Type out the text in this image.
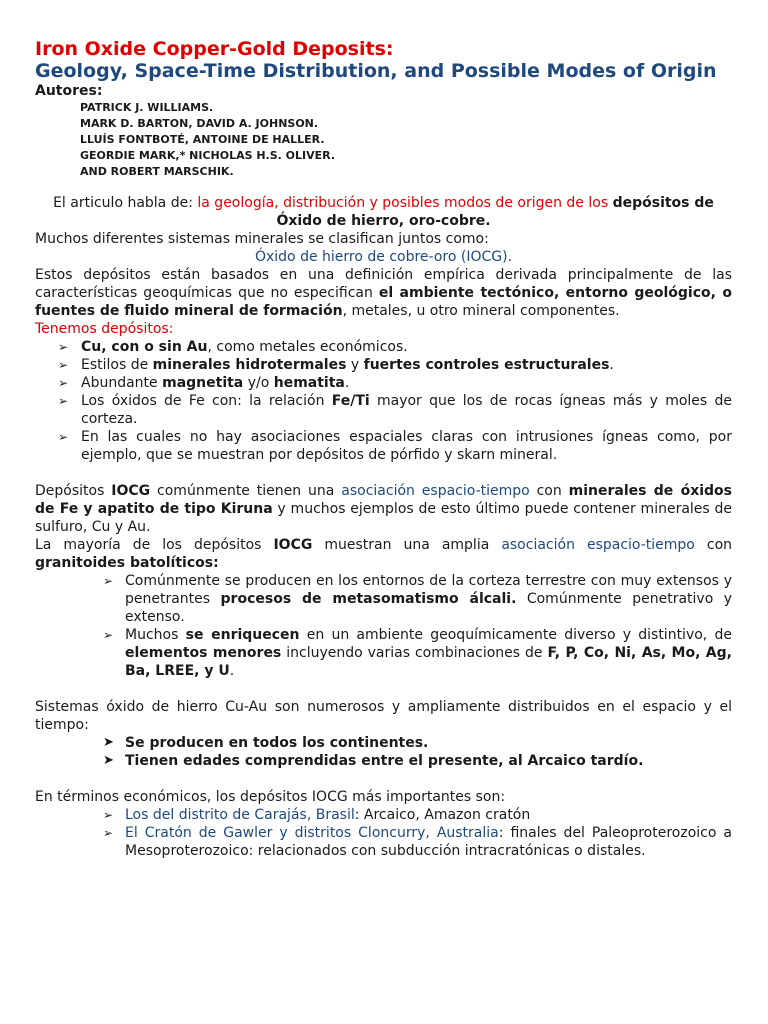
Iron Oxide Copper-Gold Deposits:
Geology, Space-Time Distribution, and Possible Modes of Origin
Autores:
PATRICK J. WILLIAMS.
MARK D. BARTON, DAVID A. JOHNSON.
LLUÍS FONTBOTÉ, ANTOINE DE HALLER.
GEORDIE MARK,* NICHOLAS H.S. OLIVER.
AND ROBERT MARSCHIK.
El articulo habla de: la geología, distribución y posibles modos de origen de los depósitos de Óxido de hierro, oro-cobre.
Muchos diferentes sistemas minerales se clasifican juntos como:
Óxido de hierro de cobre-oro (IOCG).
Estos depósitos están basados en una definición empírica derivada principalmente de las características geoquímicas que no especifican el ambiente tectónico, entorno geológico, o fuentes de fluido mineral de formación, metales, u otro mineral componentes.
Tenemos depósitos:
➢ Cu, con o sin Au, como metales económicos.
➢ Estilos de minerales hidrotermales y fuertes controles estructurales.
➢ Abundante magnetita y/o hematita.
➢ Los óxidos de Fe con: la relación Fe/Ti mayor que los de rocas ígneas más y moles de corteza.
➢ En las cuales no hay asociaciones espaciales claras con intrusiones ígneas como, por ejemplo, que se muestran por depósitos de pórfido y skarn mineral.
Depósitos IOCG comúnmente tienen una asociación espacio-tiempo con minerales de óxidos de Fe y apatito de tipo Kiruna y muchos ejemplos de esto último puede contener minerales de sulfuro, Cu y Au.
La mayoría de los depósitos IOCG muestran una amplia asociación espacio-tiempo con granitoides batolíticos:
➢ Comúnmente se producen en los entornos de la corteza terrestre con muy extensos y penetrantes procesos de metasomatismo álcali. Comúnmente penetrativo y extenso.
➢ Muchos se enriquecen en un ambiente geoquímicamente diverso y distintivo, de elementos menores incluyendo varias combinaciones de F, P, Co, Ni, As, Mo, Ag, Ba, LREE, y U.
Sistemas óxido de hierro Cu-Au son numerosos y ampliamente distribuidos en el espacio y el tiempo:
➤ Se producen en todos los continentes.
➤ Tienen edades comprendidas entre el presente, al Arcaico tardío.
En términos económicos, los depósitos IOCG más importantes son:
➢ Los del distrito de Carajás, Brasil: Arcaico, Amazon cratón
➢ El Cratón de Gawler y distritos Cloncurry, Australia: finales del Paleoproterozoico a Mesoproterozoico: relacionados con subducción intracratónicas o distales.
